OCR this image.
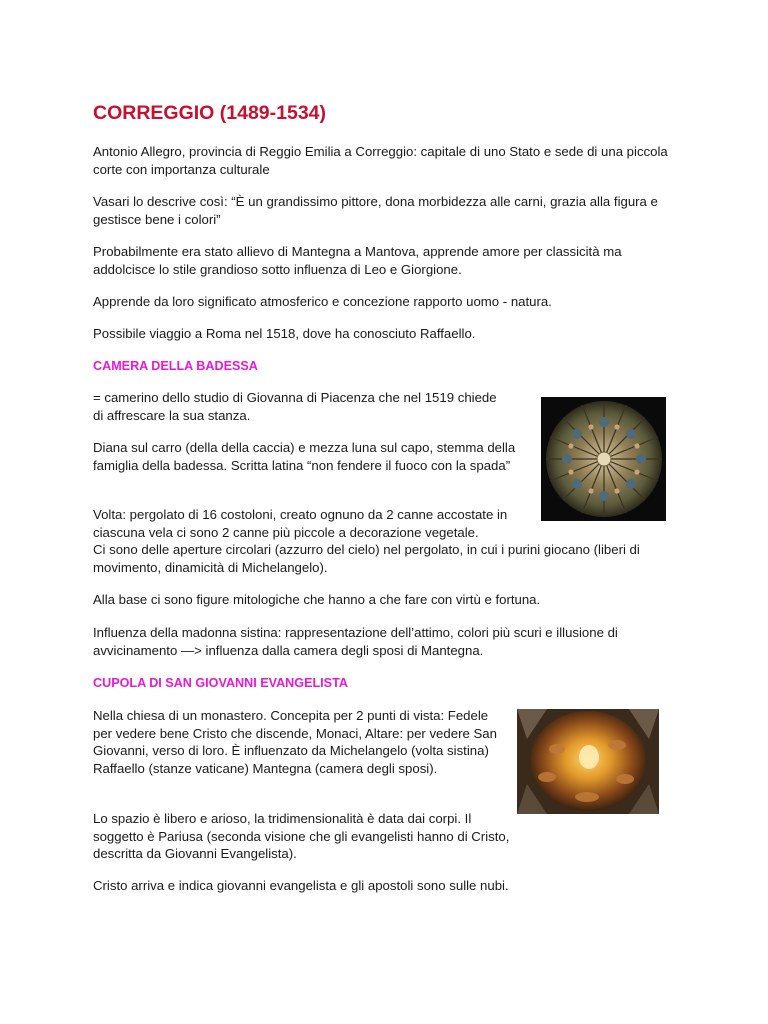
CORREGGIO (1489-1534)

Antonio Allegro, provincia di Reggio Emilia a Correggio: capitale di uno Stato e sede di una piccola corte con importanza culturale

Vasari lo descrive così: “È un grandissimo pittore, dona morbidezza alle carni, grazia alla figura e gestisce bene i colori”

Probabilmente era stato allievo di Mantegna a Mantova, apprende amore per classicità ma addolcisce lo stile grandioso sotto influenza di Leo e Giorgione.

Apprende da loro significato atmosferico e concezione rapporto uomo - natura.

Possibile viaggio a Roma nel 1518, dove ha conosciuto Raffaello.

CAMERA DELLA BADESSA

= camerino dello studio di Giovanna di Piacenza che nel 1519 chiede di affrescare la sua stanza.

Diana sul carro (della della caccia) e mezza luna sul capo, stemma della famiglia della badessa. Scritta latina “non fendere il fuoco con la spada”

Volta: pergolato di 16 costoloni, creato ognuno da 2 canne accostate in ciascuna vela ci sono 2 canne più piccole a decorazione vegetale.

Ci sono delle aperture circolari (azzurro del cielo) nel pergolato, in cui i purini giocano (liberi di movimento, dinamicità di Michelangelo).

Alla base ci sono figure mitologiche che hanno a che fare con virtù e fortuna.

Influenza della madonna sistina: rappresentazione dell’attimo, colori più scuri e illusione di avvicinamento —> influenza dalla camera degli sposi di Mantegna.

CUPOLA DI SAN GIOVANNI EVANGELISTA

Nella chiesa di un monastero. Concepita per 2 punti di vista: Fedele per vedere bene Cristo che discende, Monaci, Altare: per vedere San Giovanni, verso di loro. È influenzato da Michelangelo (volta sistina) Raffaello (stanze vaticane) Mantegna (camera degli sposi).

Lo spazio è libero e arioso, la tridimensionalità è data dai corpi. Il soggetto è Pariusa (seconda visione che gli evangelisti hanno di Cristo, descritta da Giovanni Evangelista).

Cristo arriva e indica giovanni evangelista e gli apostoli sono sulle nubi.
